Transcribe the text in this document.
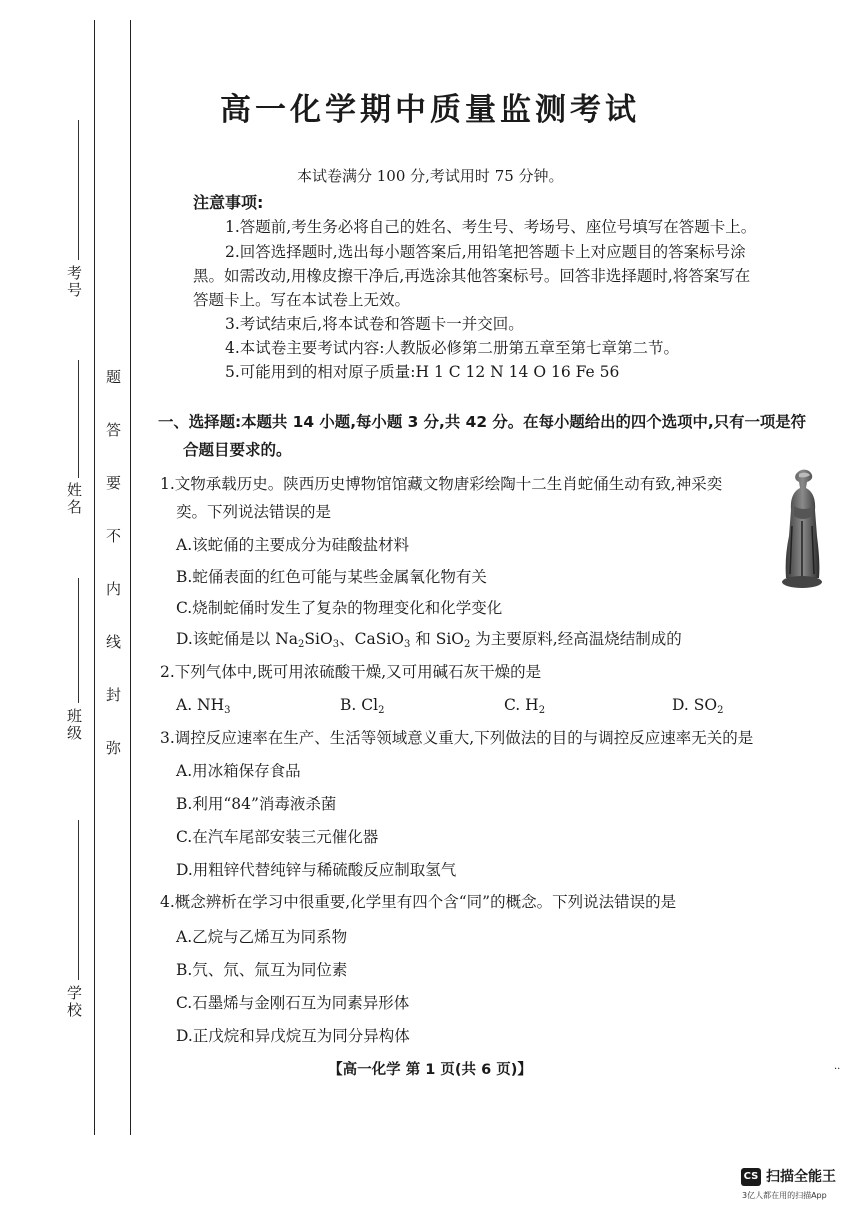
考号
姓名
班级
学校
题
答
要
不
内
线
封
弥
高一化学期中质量监测考试
本试卷满分 100 分,考试用时 75 分钟。
注意事项:
1.答题前,考生务必将自己的姓名、考生号、考场号、座位号填写在答题卡上。
2.回答选择题时,选出每小题答案后,用铅笔把答题卡上对应题目的答案标号涂
黑。如需改动,用橡皮擦干净后,再选涂其他答案标号。回答非选择题时,将答案写在
答题卡上。写在本试卷上无效。
3.考试结束后,将本试卷和答题卡一并交回。
4.本试卷主要考试内容:人教版必修第二册第五章至第七章第二节。
5.可能用到的相对原子质量:H 1 C 12 N 14 O 16 Fe 56
一、选择题:本题共 14 小题,每小题 3 分,共 42 分。在每小题给出的四个选项中,只有一项是符
合题目要求的。
1.文物承载历史。陕西历史博物馆馆藏文物唐彩绘陶十二生肖蛇俑生动有致,神采奕
奕。下列说法错误的是
A.该蛇俑的主要成分为硅酸盐材料
B.蛇俑表面的红色可能与某些金属氧化物有关
C.烧制蛇俑时发生了复杂的物理变化和化学变化
D.该蛇俑是以 $Na_2SiO_3$、CaSiO$_3$ 和 SiO$_2$ 为主要原料,经高温烧结制成的
2.下列气体中,既可用浓硫酸干燥,又可用碱石灰干燥的是
A. $NH_3$	B. $Cl_2$	C. $H_2$	D. $SO_2$
3.调控反应速率在生产、生活等领域意义重大,下列做法的目的与调控反应速率无关的是
A.用冰箱保存食品
B.利用“84”消毒液杀菌
C.在汽车尾部安装三元催化器
D.用粗锌代替纯锌与稀硫酸反应制取氢气
4.概念辨析在学习中很重要,化学里有四个含“同”的概念。下列说法错误的是
A.乙烷与乙烯互为同系物
B.氕、氘、氚互为同位素
C.石墨烯与金刚石互为同素异形体
D.正戊烷和异戊烷互为同分异构体
【高一化学 第 1 页(共 6 页)】	··
CS 扫描全能王
3亿人都在用的扫描App
